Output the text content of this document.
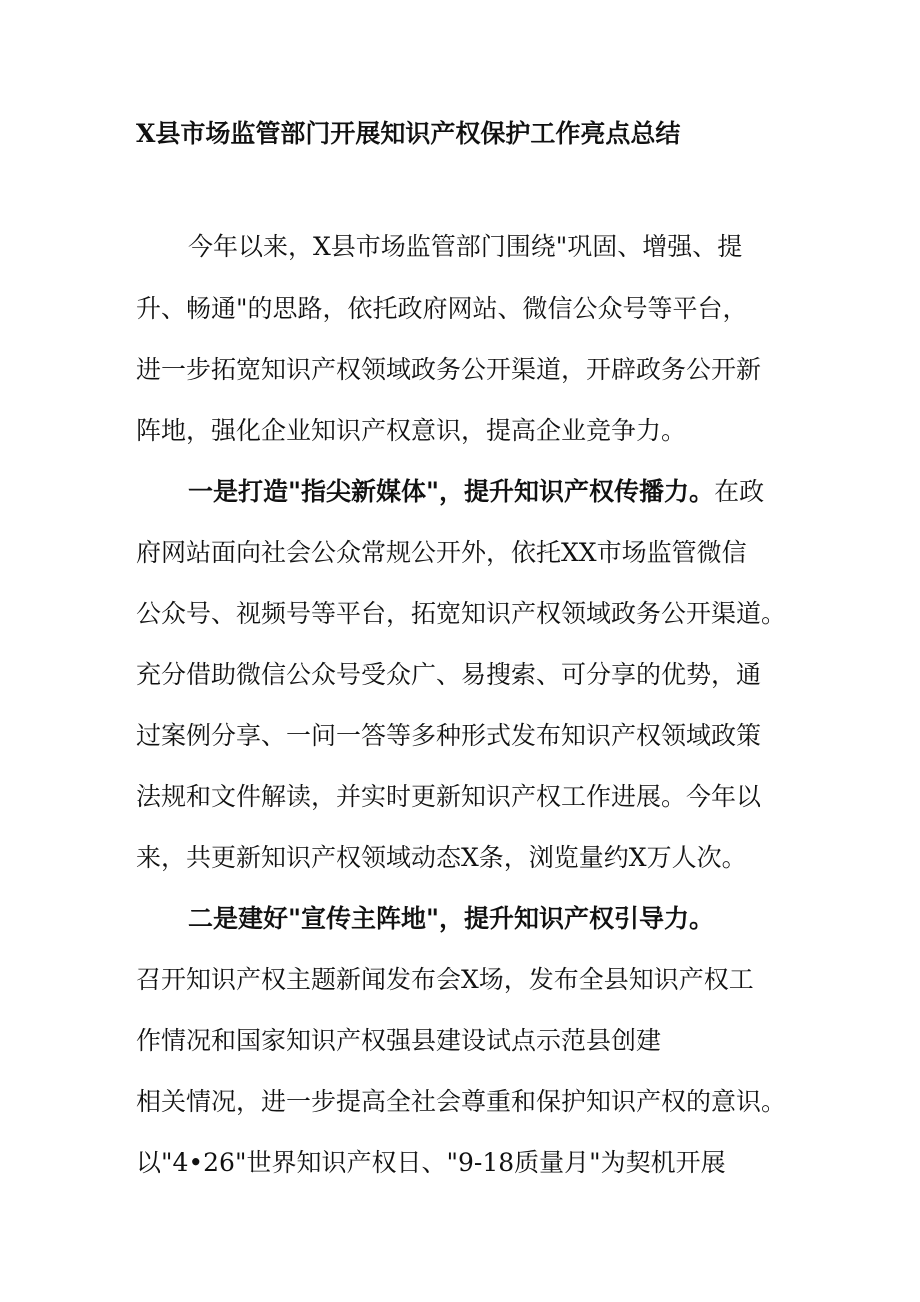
X县市场监管部门开展知识产权保护工作亮点总结
今年以来，X县市场监管部门围绕"巩固、增强、提
升、畅通"的思路，依托政府网站、微信公众号等平台，
进一步拓宽知识产权领域政务公开渠道，开辟政务公开新
阵地，强化企业知识产权意识，提高企业竞争力。
一是打造"指尖新媒体"，提升知识产权传播力。在政
府网站面向社会公众常规公开外，依托XX市场监管微信
公众号、视频号等平台，拓宽知识产权领域政务公开渠道。
充分借助微信公众号受众广、易搜索、可分享的优势，通
过案例分享、一问一答等多种形式发布知识产权领域政策
法规和文件解读，并实时更新知识产权工作进展。今年以
来，共更新知识产权领域动态X条，浏览量约X万人次。
二是建好"宣传主阵地"，提升知识产权引导力。
召开知识产权主题新闻发布会X场，发布全县知识产权工
作情况和国家知识产权强县建设试点示范县创建
相关情况，进一步提高全社会尊重和保护知识产权的意识。
以"4•26"世界知识产权日、"9-18质量月"为契机开展
